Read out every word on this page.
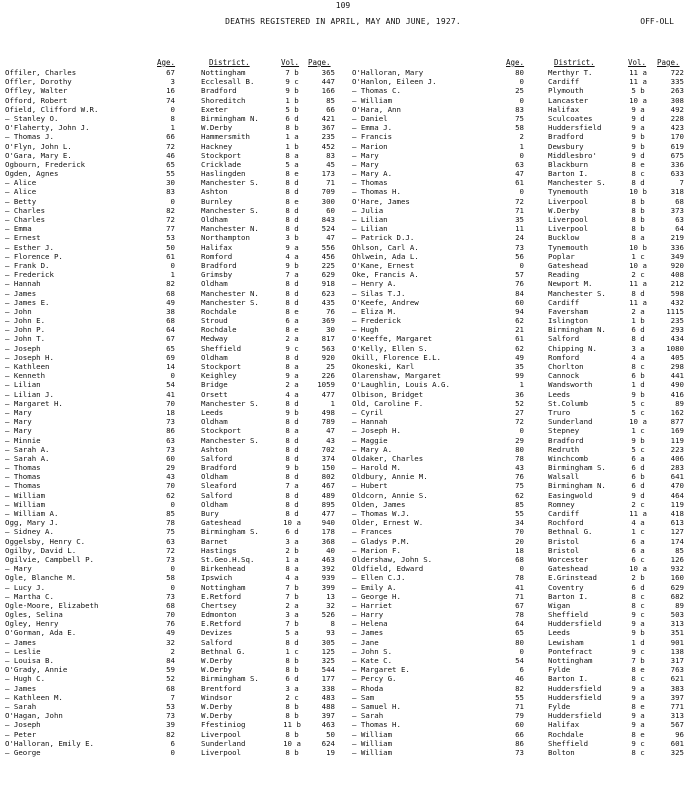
109
DEATHS REGISTERED IN APRIL, MAY AND JUNE, 1927.	OFF-OLL
Age.	District.	Vol. Page.
Offiler, Charles	67	Nottingham	7 b	365
Offler, Dorothy	3	Ecclesall B.	9 c	447
Offley, Walter	16	Bradford	9 b	166
Offord, Robert	74	Shoreditch	1 b	85
Ofield, Clifford W.R.	0	Exeter	5 b	66
— Stanley O.	8	Birmingham N.	6 d	421
O'Flaherty, John J.	1	W.Derby	8 b	367
— Thomas J.	66	Hammersmith	1 a	235
O'Flyn, John L.	72	Hackney	1 b	452
O'Gara, Mary E.	46	Stockport	8 a	83
Ogbourn, Frederick	65	Cricklade	5 a	45
Ogden, Agnes	55	Haslingden	8 e	173
— Alice	30	Manchester S.	8 d	71
— Alice	83	Ashton	8 d	709
— Betty	0	Burnley	8 e	300
— Charles	82	Manchester S.	8 d	60
— Charles	72	Oldham	8 d	843
— Emma	77	Manchester N.	8 d	524
— Ernest	53	Northampton	3 b	47
— Esther J.	50	Halifax	9 a	556
— Florence P.	61	Romford	4 a	456
— Frank D.	0	Bradford	9 b	225
— Frederick	1	Grimsby	7 a	629
— Hannah	82	Oldham	8 d	918
— James	68	Manchester N.	8 d	623
— James E.	49	Manchester S.	8 d	435
— John	38	Rochdale	8 e	76
— John E.	68	Stroud	6 a	369
— John P.	64	Rochdale	8 e	30
— John T.	67	Medway	2 a	817
— Joseph	65	Sheffield	9 c	563
— Joseph H.	69	Oldham	8 d	920
— Kathleen	14	Stockport	8 a	25
— Kenneth	0	Keighley	9 a	226
— Lilian	54	Bridge	2 a	1059
— Lilian J.	41	Orsett	4 a	477
— Margaret H.	70	Manchester S.	8 d	1
— Mary	18	Leeds	9 b	498
— Mary	73	Oldham	8 d	789
— Mary	86	Stockport	8 a	47
— Minnie	63	Manchester S.	8 d	43
— Sarah A.	73	Ashton	8 d	702
— Sarah A.	60	Salford	8 d	374
— Thomas	29	Bradford	9 b	150
— Thomas	43	Oldham	8 d	802
— Thomas	70	Sleaford	7 a	467
— William	62	Salford	8 d	489
— William	0	Oldham	8 d	895
— William A.	85	Bury	8 d	477
Ogg, Mary J.	78	Gateshead	10 a	940
— Sidney A.	75	Birmingham S.	6 d	178
Oggelsby, Henry C.	63	Barnet	3 a	368
Ogilby, David L.	72	Hastings	2 b	40
Ogilvie, Campbell P.	73	St.Geo.H.Sq.	1 a	463
— Mary	0	Birkenhead	8 a	392
Ogle, Blanche M.	58	Ipswich	4 a	939
— Lucy J.	0	Nottingham	7 b	399
— Martha C.	73	E.Retford	7 b	13
Ogle-Moore, Elizabeth	68	Chertsey	2 a	32
Ogles, Selina	70	Edmonton	3 a	526
Ogley, Henry	76	E.Retford	7 b	8
O'Gorman, Ada E.	49	Devizes	5 a	93
— James	32	Salford	8 d	305
— Leslie	2	Bethnal G.	1 c	125
— Louisa B.	84	W.Derby	8 b	325
O'Grady, Annie	59	W.Derby	8 b	544
— Hugh C.	52	Birmingham S.	6 d	177
— James	68	Brentford	3 a	338
— Kathleen M.	7	Windsor	2 c	483
— Sarah	53	W.Derby	8 b	488
O'Hagan, John	73	W.Derby	8 b	397
— Joseph	39	Ffestiniog	11 b	463
— Peter	82	Liverpool	8 b	50
O'Halloran, Emily E.	6	Sunderland	10 a	624
— George	0	Liverpool	8 b	19
Age.	District.	Vol. Page.
O'Halloran, Mary	80	Merthyr T.	11 a	722
O'Hanlon, Eileen J.	0	Cardiff	11 a	335
— Thomas C.	25	Plymouth	5 b	263
— William	0	Lancaster	10 a	308
O'Hara, Ann	83	Halifax	9 a	492
— Daniel	75	Sculcoates	9 d	228
— Emma J.	58	Huddersfield	9 a	423
— Francis	2	Bradford	9 b	170
— Marion	1	Dewsbury	9 b	619
— Mary	0	Middlesbro'	9 d	675
— Mary	63	Blackburn	8 e	336
— Mary A.	47	Barton I.	8 c	633
— Thomas	61	Manchester S.	8 d	7
— Thomas H.	0	Tynemouth	10 b	318
O'Hare, James	72	Liverpool	8 b	68
— Julia	71	W.Derby	8 b	373
— Lilian	35	Liverpool	8 b	63
— Lilian	11	Liverpool	8 b	64
— Patrick D.J.	24	Bucklow	8 a	219
Ohlson, Carl A.	73	Tynemouth	10 b	336
Ohlwein, Ada L.	56	Poplar	1 c	349
O'Kane, Ernest	0	Gateshead	10 a	920
Oke, Francis A.	57	Reading	2 c	408
— Henry A.	76	Newport M.	11 a	212
— Silas T.J.	84	Manchester S.	8 d	598
O'Keefe, Andrew	60	Cardiff	11 a	432
— Eliza M.	94	Faversham	2 a	1115
— Frederick	62	Islington	1 b	235
— Hugh	21	Birmingham N.	6 d	293
O'Keeffe, Margaret	61	Salford	8 d	434
O'Kelly, Ellen S.	62	Chipping N.	3 a	1080
Okill, Florence E.L.	49	Romford	4 a	405
Okoneski, Karl	35	Chorlton	8 c	298
Olarenshaw, Margaret	99	Cannock	6 b	441
O'Laughlin, Louis A.G.	1	Wandsworth	1 d	490
Olbison, Bridget	36	Leeds	9 b	416
Old, Caroline F.	52	St.Columb	5 c	89
— Cyril	27	Truro	5 c	162
— Hannah	72	Sunderland	10 a	877
— Joseph H.	0	Stepney	1 c	169
— Maggie	29	Bradford	9 b	119
— Mary A.	80	Redruth	5 c	223
Oldaker, Charles	78	Winchcomb	6 a	406
— Harold M.	43	Birmingham S.	6 d	283
Oldbury, Annie M.	76	Walsall	6 b	641
— Hubert	75	Birmingham N.	6 d	470
Oldcorn, Annie S.	62	Easingwold	9 d	464
Olden, James	85	Romney	2 c	119
— Thomas W.J.	55	Cardiff	11 a	418
Older, Ernest W.	34	Rochford	4 a	613
— Frances	70	Bethnal G.	1 c	127
— Gladys P.M.	20	Bristol	6 a	174
— Marion F.	18	Bristol	6 a	85
Oldershaw, John S.	68	Worcester	6 c	126
Oldfield, Edward	0	Gateshead	10 a	932
— Ellen C.J.	78	E.Grinstead	2 b	160
— Emily A.	41	Coventry	6 d	629
— George H.	71	Barton I.	8 c	682
— Harriet	67	Wigan	8 c	89
— Harry	78	Sheffield	9 c	503
— Helena	64	Huddersfield	9 a	313
— James	65	Leeds	9 b	351
— Jane	80	Lewisham	1 d	901
— John S.	0	Pontefract	9 c	138
— Kate C.	54	Nottingham	7 b	317
— Margaret E.	6	Fylde	8 e	763
— Percy G.	46	Barton I.	8 c	621
— Rhoda	82	Huddersfield	9 a	383
— Sam	55	Huddersfield	9 a	397
— Samuel H.	71	Fylde	8 e	771
— Sarah	79	Huddersfield	9 a	313
— Thomas H.	60	Halifax	9 a	567
— William	66	Rochdale	8 e	96
— William	86	Sheffield	9 c	601
— William	73	Bolton	8 c	325
